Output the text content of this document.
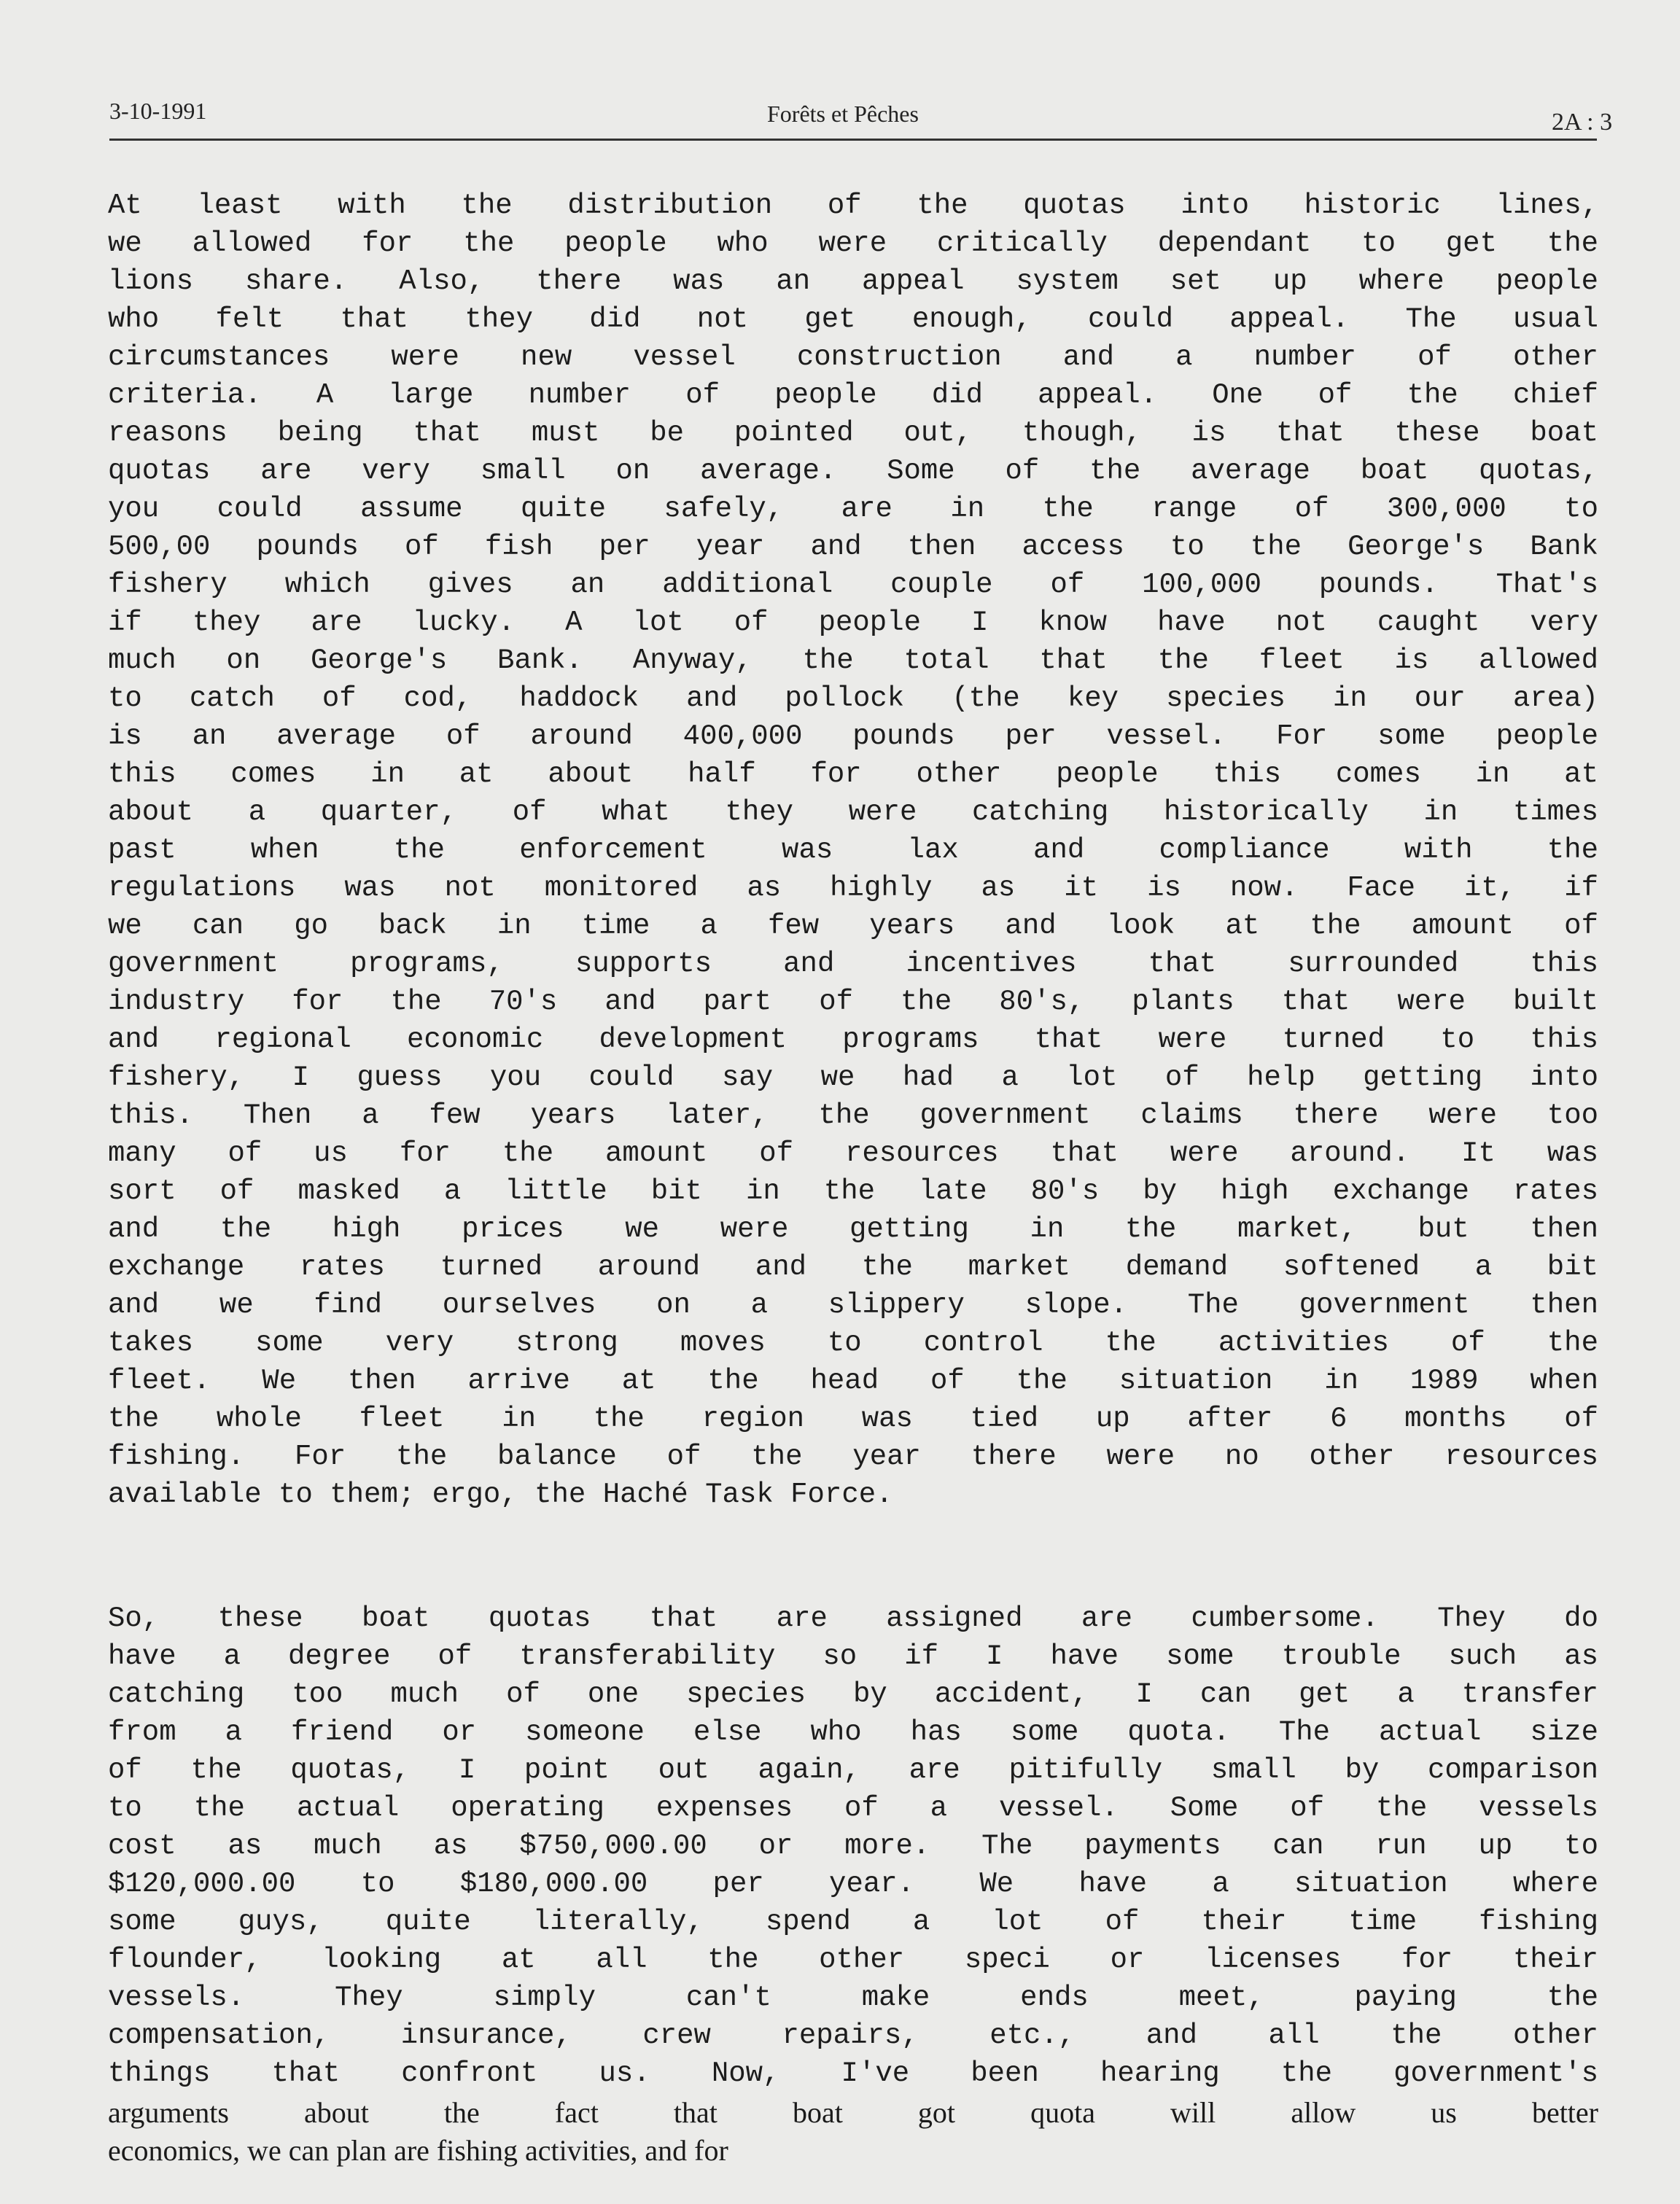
3-10-1991	Forêts et Pêches	2A : 3
At least with the distribution of the quotas into historic lines,
we allowed for the people who were critically dependant to get the
lions share. Also, there was an appeal system set up where people
who felt that they did not get enough, could appeal. The usual
circumstances were new vessel construction and a number of other
criteria. A large number of people did appeal. One of the chief
reasons being that must be pointed out, though, is that these boat
quotas are very small on average. Some of the average boat quotas,
you could assume quite safely, are in the range of 300,000 to
500,00 pounds of fish per year and then access to the George's Bank
fishery which gives an additional couple of 100,000 pounds. That's
if they are lucky. A lot of people I know have not caught very
much on George's Bank. Anyway, the total that the fleet is allowed
to catch of cod, haddock and pollock (the key species in our area)
is an average of around 400,000 pounds per vessel. For some people
this comes in at about half for other people this comes in at
about a quarter, of what they were catching historically in times
past when the enforcement was lax and compliance with the
regulations was not monitored as highly as it is now. Face it, if
we can go back in time a few years and look at the amount of
government programs, supports and incentives that surrounded this
industry for the 70's and part of the 80's, plants that were built
and regional economic development programs that were turned to this
fishery, I guess you could say we had a lot of help getting into
this. Then a few years later, the government claims there were too
many of us for the amount of resources that were around. It was
sort of masked a little bit in the late 80's by high exchange rates
and the high prices we were getting in the market, but then
exchange rates turned around and the market demand softened a bit
and we find ourselves on a slippery slope. The government then
takes some very strong moves to control the activities of the
fleet. We then arrive at the head of the situation in 1989 when
the whole fleet in the region was tied up after 6 months of
fishing. For the balance of the year there were no other resources
available to them; ergo, the Haché Task Force.
So, these boat quotas that are assigned are cumbersome. They do
have a degree of transferability so if I have some trouble such as
catching too much of one species by accident, I can get a transfer
from a friend or someone else who has some quota. The actual size
of the quotas, I point out again, are pitifully small by comparison
to the actual operating expenses of a vessel. Some of the vessels
cost as much as $750,000.00 or more. The payments can run up to
$120,000.00 to $180,000.00 per year. We have a situation where
some guys, quite literally, spend a lot of their time fishing
flounder, looking at all the other speci or licenses for their
vessels. They simply can't make ends meet, paying the
compensation, insurance, crew repairs, etc., and all the other
things that confront us. Now, I've been hearing the government's
arguments about the fact that boat got quota will allow us better
economics, we can plan are fishing activities, and for
